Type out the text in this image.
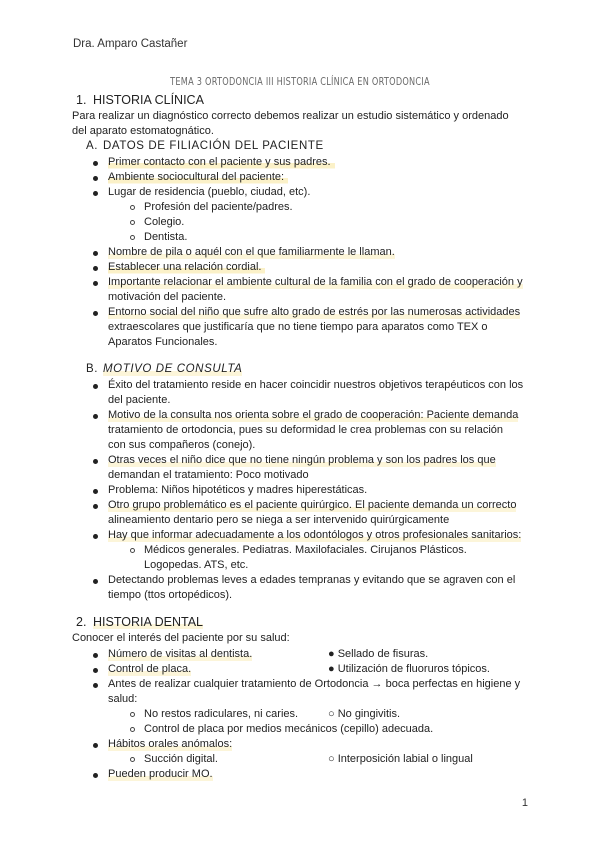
Dra. Amparo Castañer
TEMA 3 ORTODONCIA III HISTORIA CLÍNICA EN ORTODONCIA
1. HISTORIA CLÍNICA
Para realizar un diagnóstico correcto debemos realizar un estudio sistemático y ordenado
del aparato estomatognático.
A. DATOS DE FILIACIÓN DEL PACIENTE
Primer contacto con el paciente y sus padres.
Ambiente sociocultural del paciente:
Lugar de residencia (pueblo, ciudad, etc).
Profesión del paciente/padres.
Colegio.
Dentista.
Nombre de pila o aquél con el que familiarmente le llaman.
Establecer una relación cordial.
Importante relacionar el ambiente cultural de la familia con el grado de cooperación y
motivación del paciente.
Entorno social del niño que sufre alto grado de estrés por las numerosas actividades
extraescolares que justificaría que no tiene tiempo para aparatos como TEX o
Aparatos Funcionales.
B. MOTIVO DE CONSULTA
Éxito del tratamiento reside en hacer coincidir nuestros objetivos terapéuticos con los
del paciente.
Motivo de la consulta nos orienta sobre el grado de cooperación: Paciente demanda
tratamiento de ortodoncia, pues su deformidad le crea problemas con su relación
con sus compañeros (conejo).
Otras veces el niño dice que no tiene ningún problema y son los padres los que
demandan el tratamiento: Poco motivado
Problema: Niños hipotéticos y madres hiperestáticas.
Otro grupo problemático es el paciente quirúrgico. El paciente demanda un correcto
alineamiento dentario pero se niega a ser intervenido quirúrgicamente
Hay que informar adecuadamente a los odontólogos y otros profesionales sanitarios:
Médicos generales. Pediatras. Maxilofaciales. Cirujanos Plásticos.
Logopedas. ATS, etc.
Detectando problemas leves a edades tempranas y evitando que se agraven con el
tiempo (ttos ortopédicos).
2. HISTORIA DENTAL
Conocer el interés del paciente por su salud:
Número de visitas al dentista.	● Sellado de fisuras.
Control de placa.	● Utilización de fluoruros tópicos.
Antes de realizar cualquier tratamiento de Ortodoncia → boca perfectas en higiene y
salud:
No restos radiculares, ni caries.	○ No gingivitis.
Control de placa por medios mecánicos (cepillo) adecuada.
Hábitos orales anómalos:
Succión digital.	○ Interposición labial o lingual
Pueden producir MO.
1
